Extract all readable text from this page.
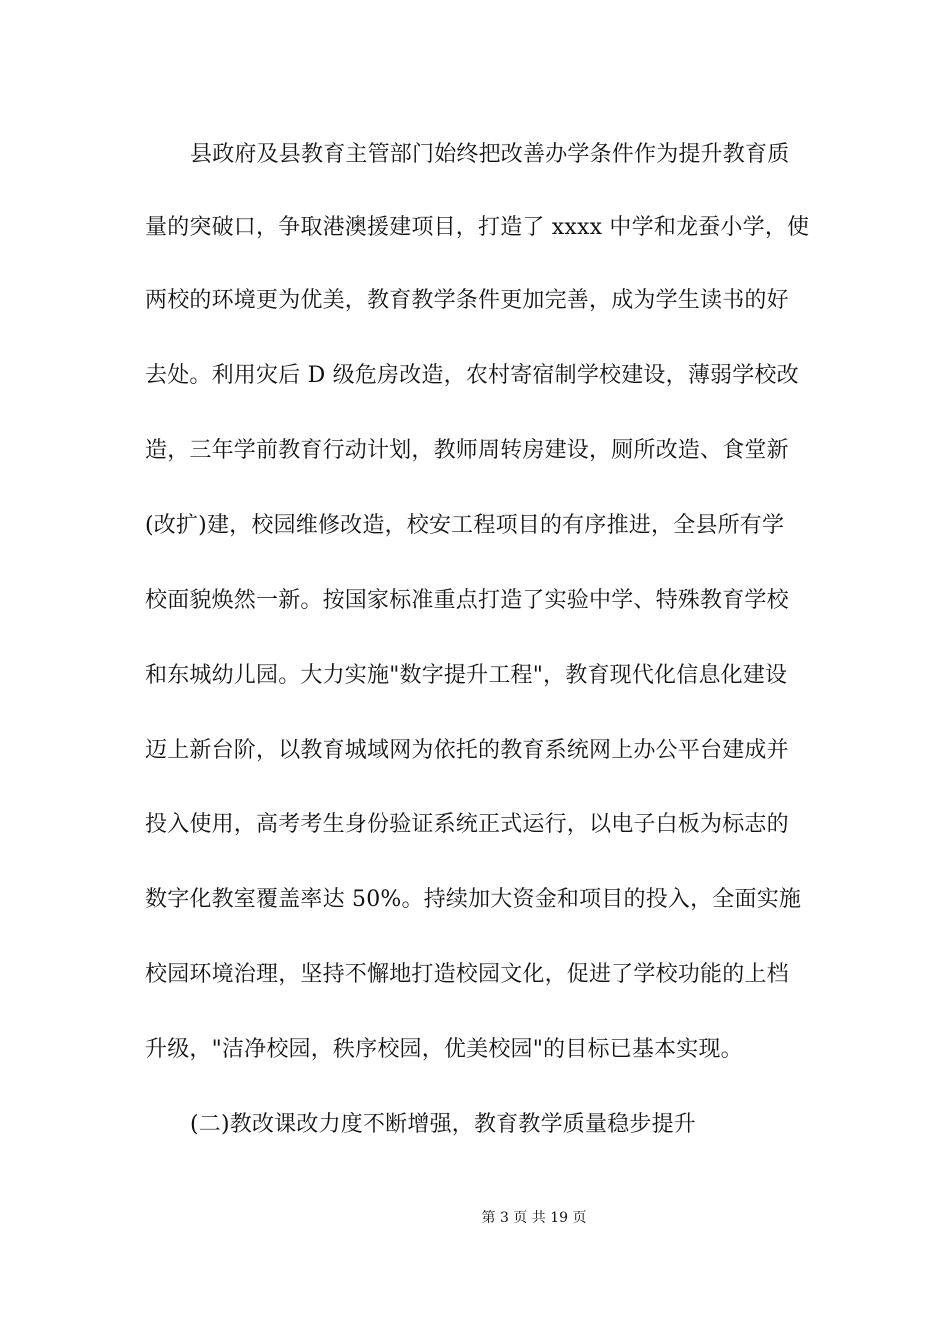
县政府及县教育主管部门始终把改善办学条件作为提升教育质
量的突破口，争取港澳援建项目，打造了 xxxx 中学和龙蚕小学，使
两校的环境更为优美，教育教学条件更加完善，成为学生读书的好
去处。利用灾后 D 级危房改造，农村寄宿制学校建设，薄弱学校改
造，三年学前教育行动计划，教师周转房建设，厕所改造、食堂新
(改扩)建，校园维修改造，校安工程项目的有序推进，全县所有学
校面貌焕然一新。按国家标准重点打造了实验中学、特殊教育学校
和东城幼儿园。大力实施"数字提升工程"，教育现代化信息化建设
迈上新台阶，以教育城域网为依托的教育系统网上办公平台建成并
投入使用，高考考生身份验证系统正式运行，以电子白板为标志的
数字化教室覆盖率达 50%。持续加大资金和项目的投入，全面实施
校园环境治理，坚持不懈地打造校园文化，促进了学校功能的上档
升级，"洁净校园，秩序校园，优美校园"的目标已基本实现。
(二)教改课改力度不断增强，教育教学质量稳步提升
第 3 页 共 19 页
